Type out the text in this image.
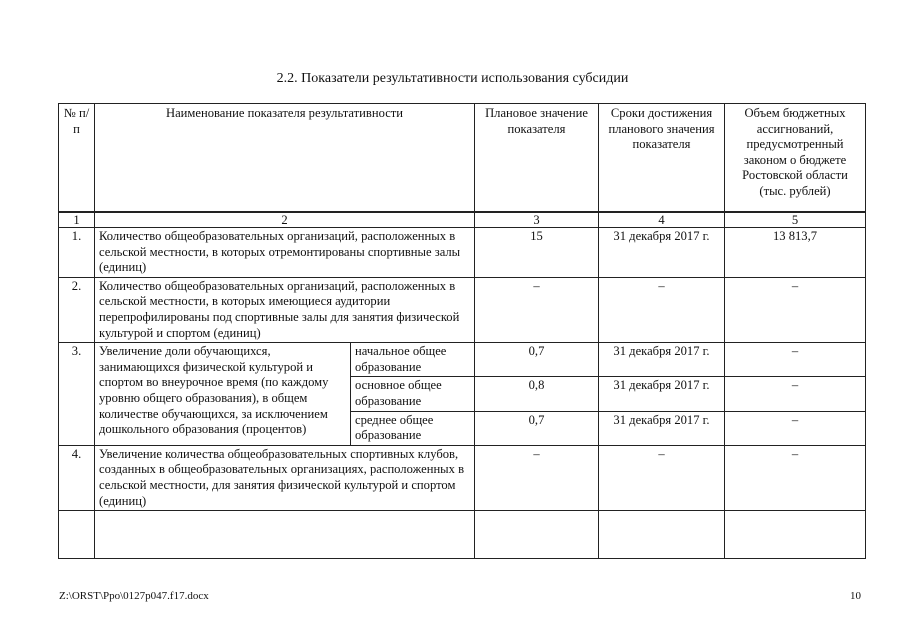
2.2. Показатели результативности использования субсидии
№ п/п	Наименование показателя результативности		Плановое значение показателя	Сроки достижения планового значения показателя	Объем бюджетных ассигнований, предусмотренный законом о бюджете Ростовской области (тыс. рублей)
1	2		3	4	5
1.	Количество общеобразовательных организаций, расположенных в сельской местности, в которых отремонтированы спортивные залы (единиц)		15	31 декабря 2017 г.	13 813,7
2.	Количество общеобразовательных организаций, расположенных в сельской местности, в которых имеющиеся аудитории перепрофилированы под спортивные залы для занятия физической культурой и спортом (единиц)		–	–	–
3.	Увеличение доли обучающихся, занимающихся физической культурой и спортом во внеурочное время (по каждому уровню общего образования), в общем количестве обучающихся, за исключением дошкольного образования (процентов)	начальное общее образование	0,7	31 декабря 2017 г.	–
		основное общее образование	0,8	31 декабря 2017 г.	–
		среднее общее образование	0,7	31 декабря 2017 г.	–
4.	Увеличение количества общеобразовательных спортивных клубов, созданных в общеобразовательных организациях, расположенных в сельской местности, для занятия физической культурой и спортом (единиц)		–	–	–

Z:\ORST\Ppo\0127p047.f17.docx	10
